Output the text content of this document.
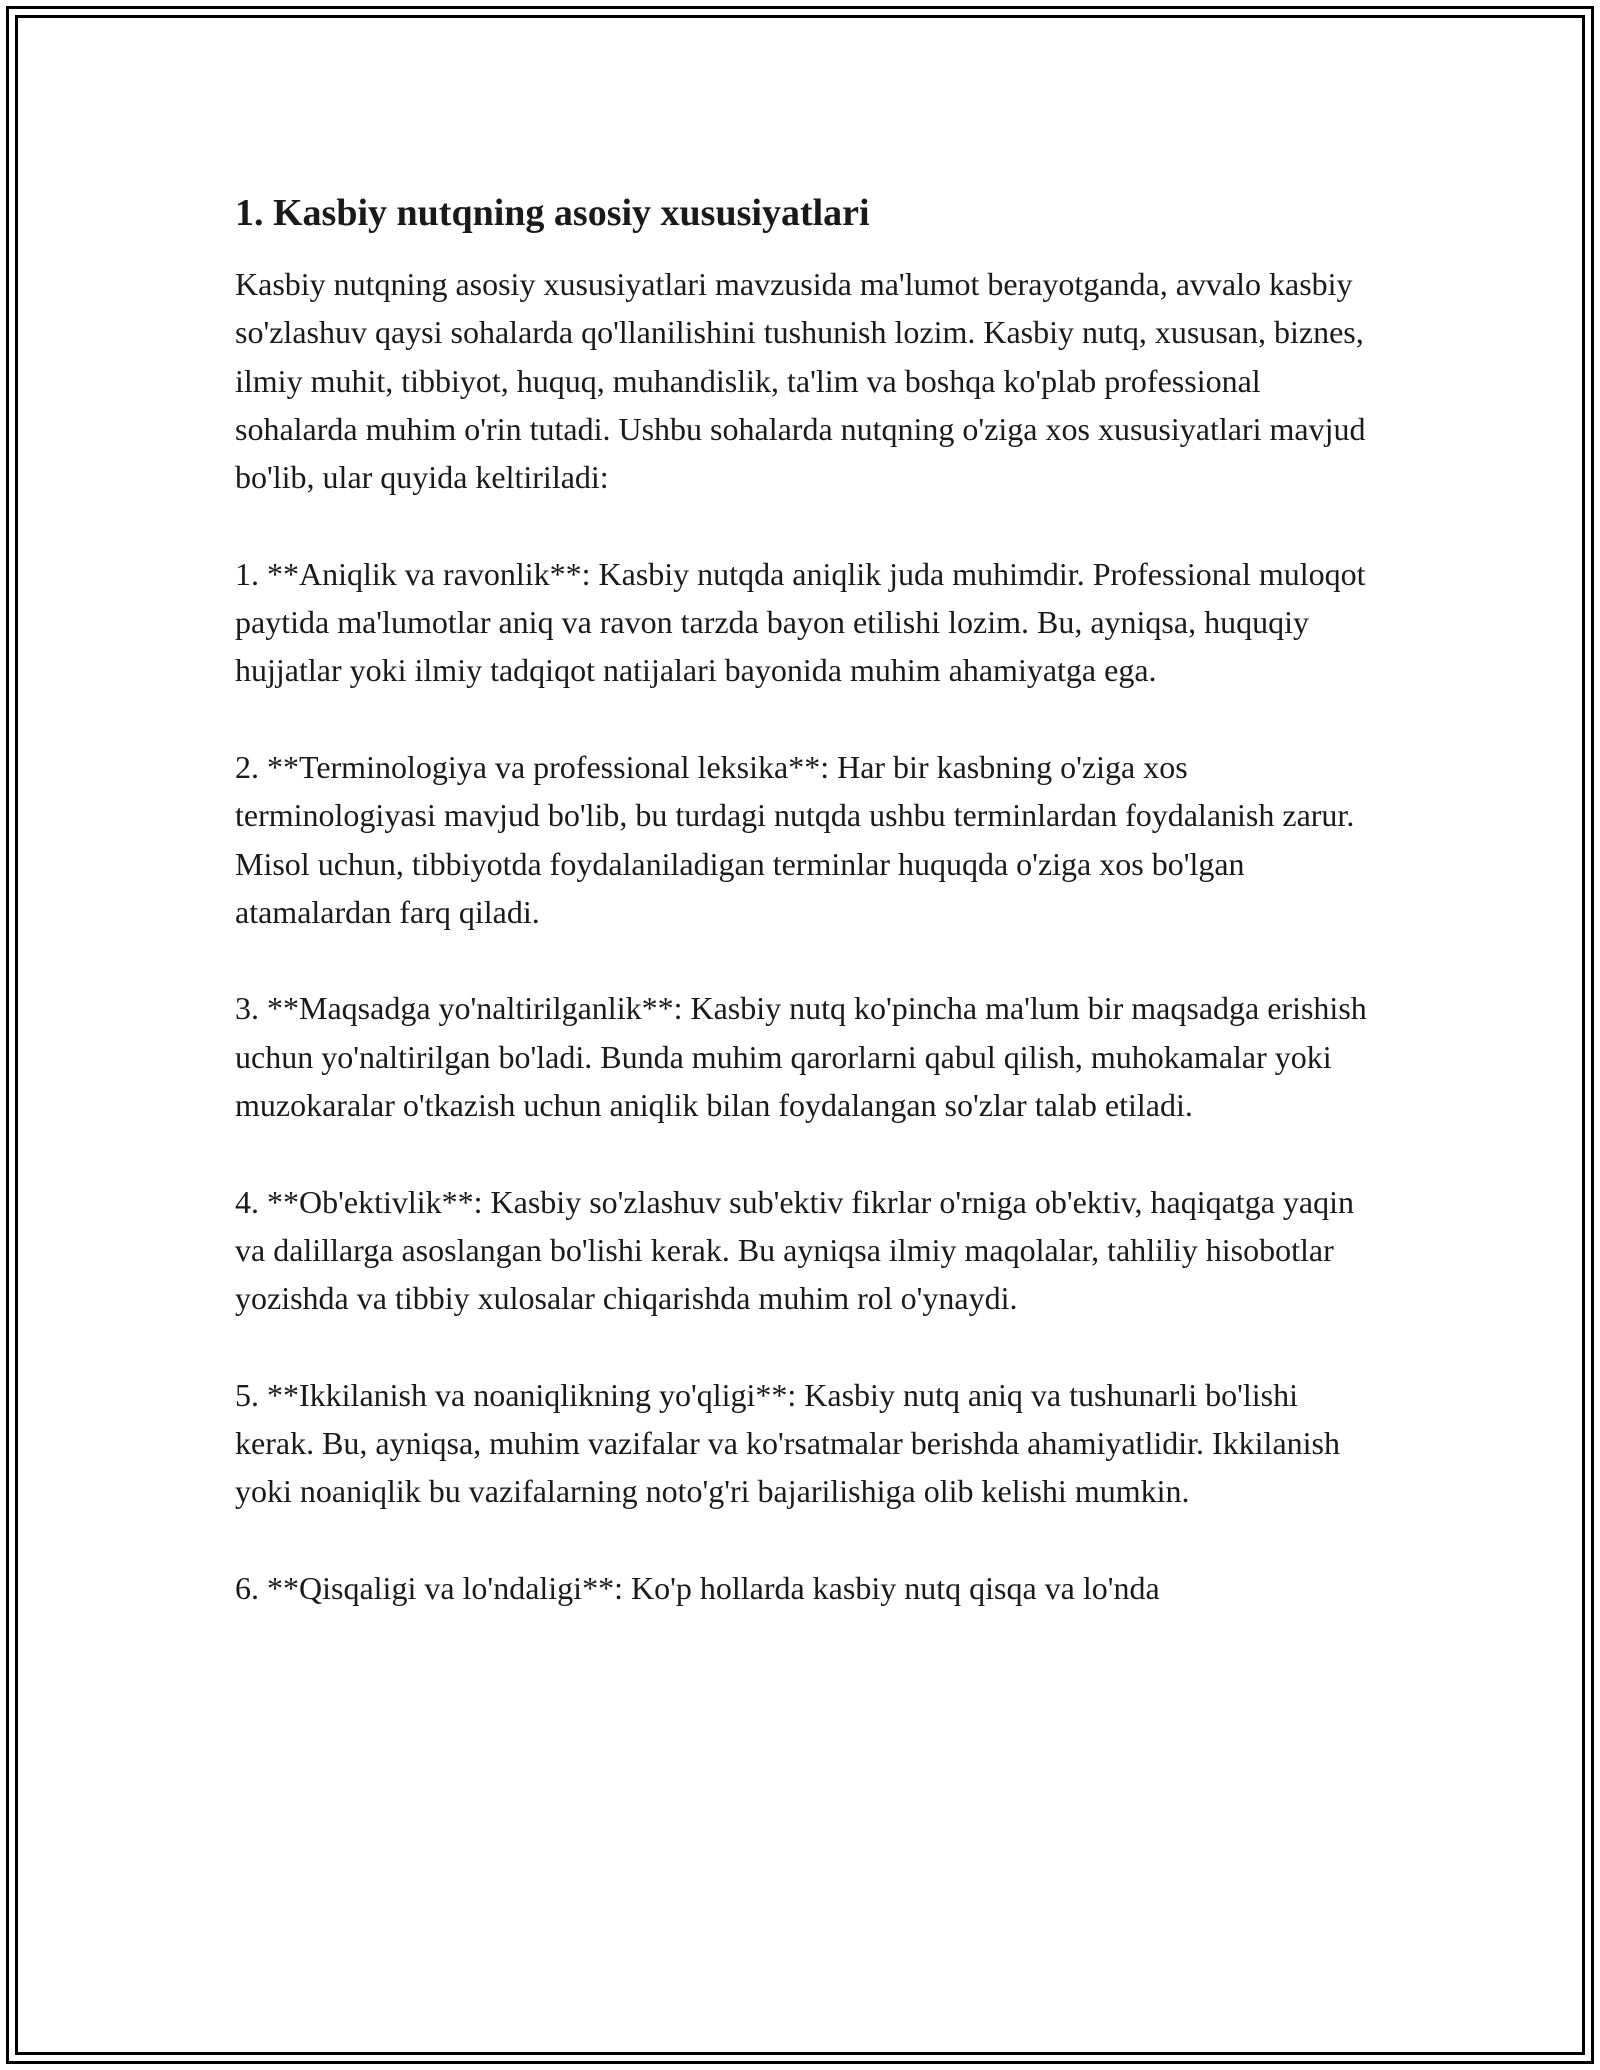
1. Kasbiy nutqning asosiy xususiyatlari

Kasbiy nutqning asosiy xususiyatlari mavzusida ma'lumot berayotganda, avvalo kasbiy so'zlashuv qaysi sohalarda qo'llanilishini tushunish lozim. Kasbiy nutq, xususan, biznes, ilmiy muhit, tibbiyot, huquq, muhandislik, ta'lim va boshqa ko'plab professional sohalarda muhim o'rin tutadi. Ushbu sohalarda nutqning o'ziga xos xususiyatlari mavjud bo'lib, ular quyida keltiriladi:

1. **Aniqlik va ravonlik**: Kasbiy nutqda aniqlik juda muhimdir. Professional muloqot paytida ma'lumotlar aniq va ravon tarzda bayon etilishi lozim. Bu, ayniqsa, huquqiy hujjatlar yoki ilmiy tadqiqot natijalari bayonida muhim ahamiyatga ega.

2. **Terminologiya va professional leksika**: Har bir kasbning o'ziga xos terminologiyasi mavjud bo'lib, bu turdagi nutqda ushbu terminlardan foydalanish zarur. Misol uchun, tibbiyotda foydalaniladigan terminlar huquqda o'ziga xos bo'lgan atamalardan farq qiladi.

3. **Maqsadga yo'naltirilganlik**: Kasbiy nutq ko'pincha ma'lum bir maqsadga erishish uchun yo'naltirilgan bo'ladi. Bunda muhim qarorlarni qabul qilish, muhokamalar yoki muzokaralar o'tkazish uchun aniqlik bilan foydalangan so'zlar talab etiladi.

4. **Ob'ektivlik**: Kasbiy so'zlashuv sub'ektiv fikrlar o'rniga ob'ektiv, haqiqatga yaqin va dalillarga asoslangan bo'lishi kerak. Bu ayniqsa ilmiy maqolalar, tahliliy hisobotlar yozishda va tibbiy xulosalar chiqarishda muhim rol o'ynaydi.

5. **Ikkilanish va noaniqlikning yo'qligi**: Kasbiy nutq aniq va tushunarli bo'lishi kerak. Bu, ayniqsa, muhim vazifalar va ko'rsatmalar berishda ahamiyatlidir. Ikkilanish yoki noaniqlik bu vazifalarning noto'g'ri bajarilishiga olib kelishi mumkin.

6. **Qisqaligi va lo'ndaligi**: Ko'p hollarda kasbiy nutq qisqa va lo'nda
